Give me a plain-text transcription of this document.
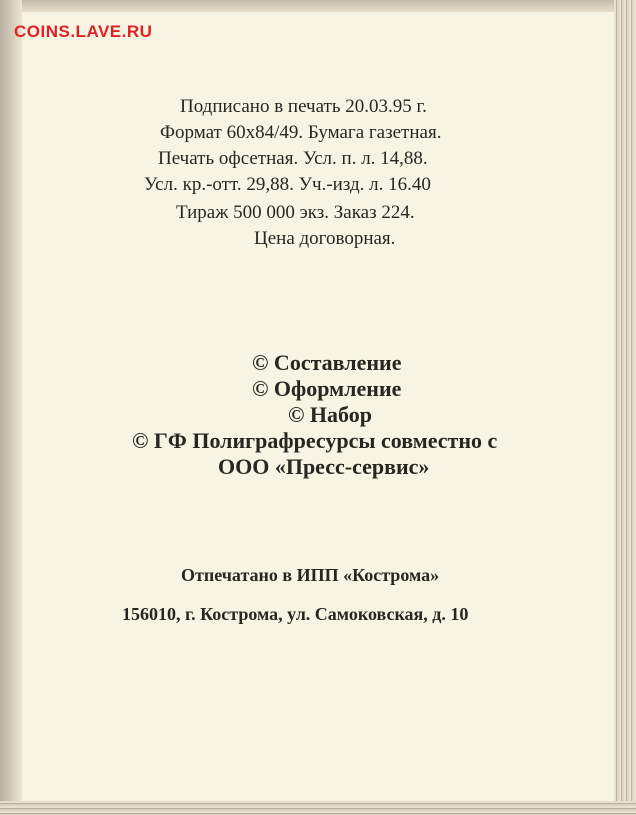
COINS.LAVE.RU
Подписано в печать 20.03.95 г.
Формат 60х84/49. Бумага газетная.
Печать офсетная. Усл. п. л. 14,88.
Усл. кр.-отт. 29,88. Уч.-изд. л. 16.40
Тираж 500 000 экз. Заказ 224.
Цена договорная.
© Составление
© Оформление
© Набор
© ГФ Полиграфресурсы совместно с
ООО «Пресс-сервис»
Отпечатано в ИПП «Кострома»
156010, г. Кострома, ул. Самоковская, д. 10
